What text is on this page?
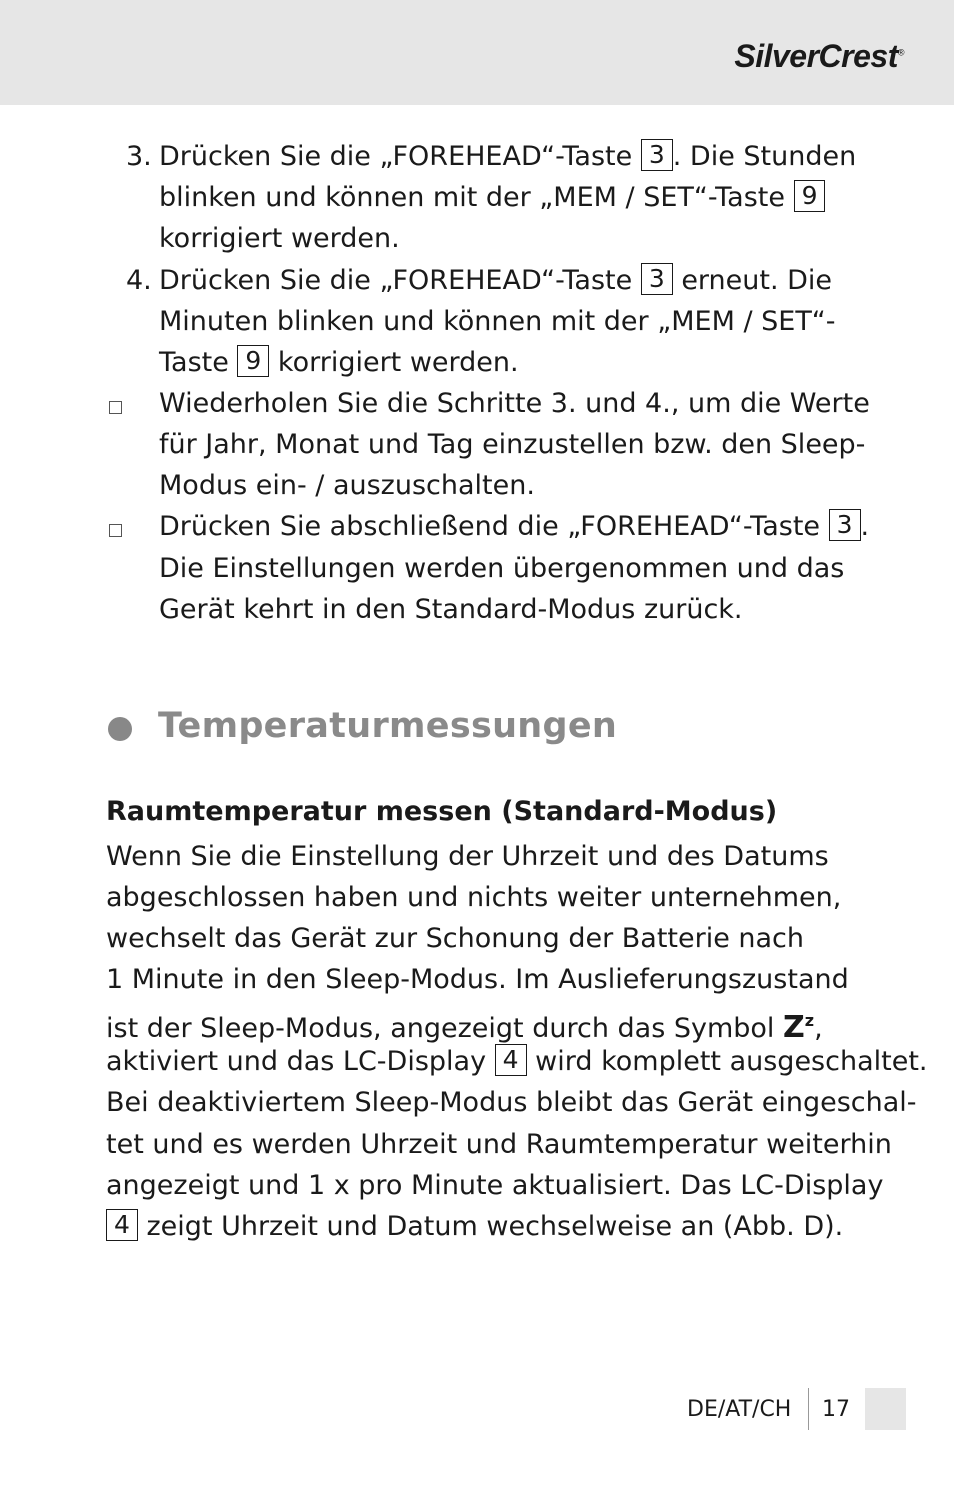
SilverCrest®
3. Drücken Sie die „FOREHEAD“-Taste 3 . Die Stunden
blinken und können mit der „MEM / SET“-Taste 9
korrigiert werden.
4. Drücken Sie die „FOREHEAD“-Taste 3 erneut. Die
Minuten blinken und können mit der „MEM / SET“-
Taste 9 korrigiert werden.
Wiederholen Sie die Schritte 3. und 4., um die Werte
für Jahr, Monat und Tag einzustellen bzw. den Sleep-
Modus ein- / auszuschalten.
Drücken Sie abschließend die „FOREHEAD“-Taste 3 .
Die Einstellungen werden übergenommen und das
Gerät kehrt in den Standard-Modus zurück.
Temperaturmessungen
Raumtemperatur messen (Standard-Modus)
Wenn Sie die Einstellung der Uhrzeit und des Datums
abgeschlossen haben und nichts weiter unternehmen,
wechselt das Gerät zur Schonung der Batterie nach
1 Minute in den Sleep-Modus. Im Auslieferungszustand
ist der Sleep-Modus, angezeigt durch das Symbol $Z^z$,
aktiviert und das LC-Display 4 wird komplett ausgeschaltet.
Bei deaktiviertem Sleep-Modus bleibt das Gerät eingeschal-
tet und es werden Uhrzeit und Raumtemperatur weiterhin
angezeigt und 1 x pro Minute aktualisiert. Das LC-Display
4 zeigt Uhrzeit und Datum wechselweise an (Abb. D).
DE/AT/CH 17
